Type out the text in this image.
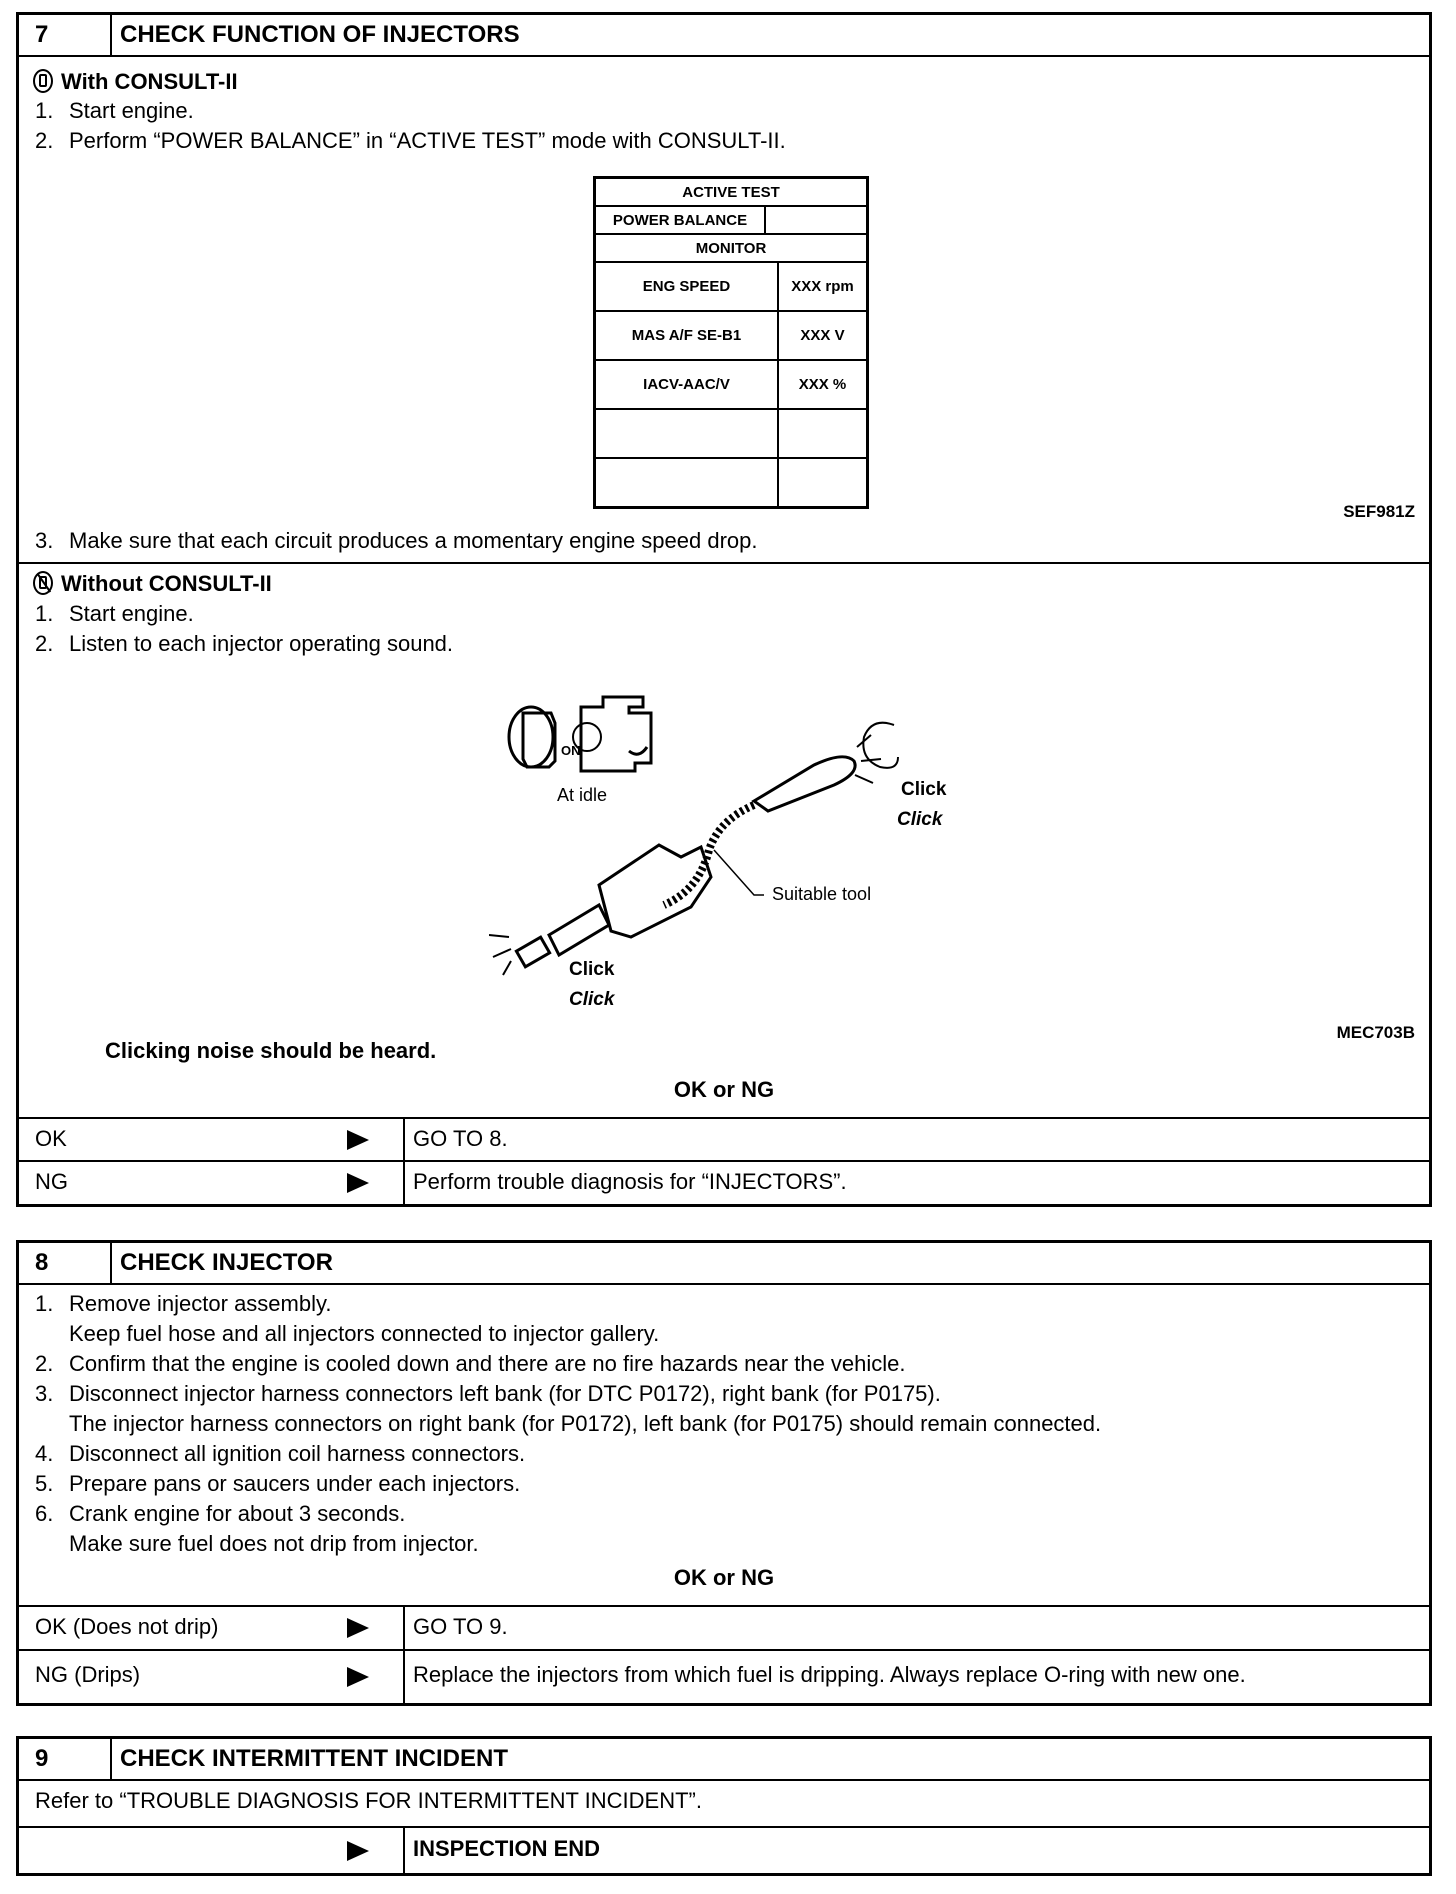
7	CHECK FUNCTION OF INJECTORS
With CONSULT-II
1. Start engine.
2. Perform “POWER BALANCE” in “ACTIVE TEST” mode with CONSULT-II.
ACTIVE TEST
POWER BALANCE
MONITOR
ENG SPEED	XXX rpm
MAS A/F SE-B1	XXX V
IACV-AAC/V	XXX %
SEF981Z
3. Make sure that each circuit produces a momentary engine speed drop.
Without CONSULT-II
1. Start engine.
2. Listen to each injector operating sound.
ON
At idle	Click
Click
Suitable tool
Click
Click
MEC703B
Clicking noise should be heard.
OK or NG
OK	GO TO 8.
NG	Perform trouble diagnosis for “INJECTORS”.
8	CHECK INJECTOR
1. Remove injector assembly.
Keep fuel hose and all injectors connected to injector gallery.
2. Confirm that the engine is cooled down and there are no fire hazards near the vehicle.
3. Disconnect injector harness connectors left bank (for DTC P0172), right bank (for P0175).
The injector harness connectors on right bank (for P0172), left bank (for P0175) should remain connected.
4. Disconnect all ignition coil harness connectors.
5. Prepare pans or saucers under each injectors.
6. Crank engine for about 3 seconds.
Make sure fuel does not drip from injector.
OK or NG
OK (Does not drip)	GO TO 9.
NG (Drips)	Replace the injectors from which fuel is dripping. Always replace O-ring with new one.
9	CHECK INTERMITTENT INCIDENT
Refer to “TROUBLE DIAGNOSIS FOR INTERMITTENT INCIDENT”.
INSPECTION END
